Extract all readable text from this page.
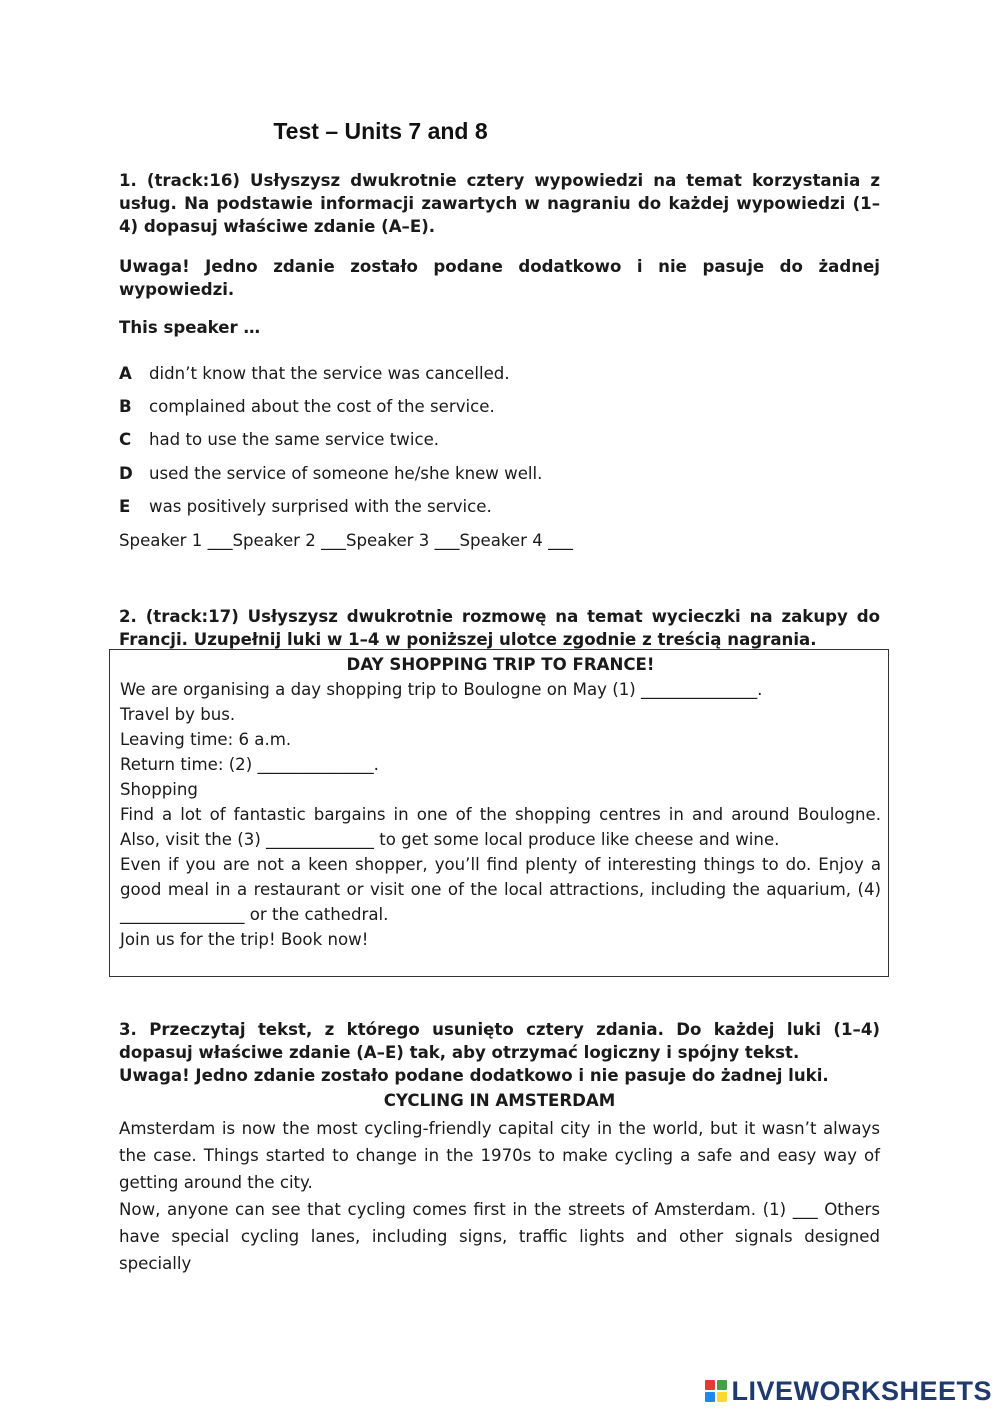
Test – Units 7 and 8

1. (track:16) Usłyszysz dwukrotnie cztery wypowiedzi na temat korzystania z usług. Na podstawie informacji zawartych w nagraniu do każdej wypowiedzi (1–4) dopasuj właściwe zdanie (A–E).

Uwaga! Jedno zdanie zostało podane dodatkowo i nie pasuje do żadnej wypowiedzi.

This speaker …

A didn’t know that the service was cancelled.
B complained about the cost of the service.
C had to use the same service twice.
D used the service of someone he/she knew well.
E was positively surprised with the service.
Speaker 1 ___Speaker 2 ___Speaker 3 ___Speaker 4 ___

2. (track:17) Usłyszysz dwukrotnie rozmowę na temat wycieczki na zakupy do Francji. Uzupełnij luki w 1–4 w poniższej ulotce zgodnie z treścią nagrania.

DAY SHOPPING TRIP TO FRANCE!

We are organising a day shopping trip to Boulogne on May (1) ______________.

Travel by bus.

Leaving time: 6 a.m.

Return time: (2) ______________.

Shopping

Find a lot of fantastic bargains in one of the shopping centres in and around Boulogne. Also, visit the (3) _____________ to get some local produce like cheese and wine.

Even if you are not a keen shopper, you’ll find plenty of interesting things to do. Enjoy a good meal in a restaurant or visit one of the local attractions, including the aquarium, (4) _______________ or the cathedral.

Join us for the trip! Book now!

3. Przeczytaj tekst, z którego usunięto cztery zdania. Do każdej luki (1–4) dopasuj właściwe zdanie (A–E) tak, aby otrzymać logiczny i spójny tekst.

Uwaga! Jedno zdanie zostało podane dodatkowo i nie pasuje do żadnej luki.

CYCLING IN AMSTERDAM

Amsterdam is now the most cycling-friendly capital city in the world, but it wasn’t always the case. Things started to change in the 1970s to make cycling a safe and easy way of getting around the city.

Now, anyone can see that cycling comes first in the streets of Amsterdam. (1) ___ Others have special cycling lanes, including signs, traffic lights and other signals designed specially

LIVEWORKSHEETS
